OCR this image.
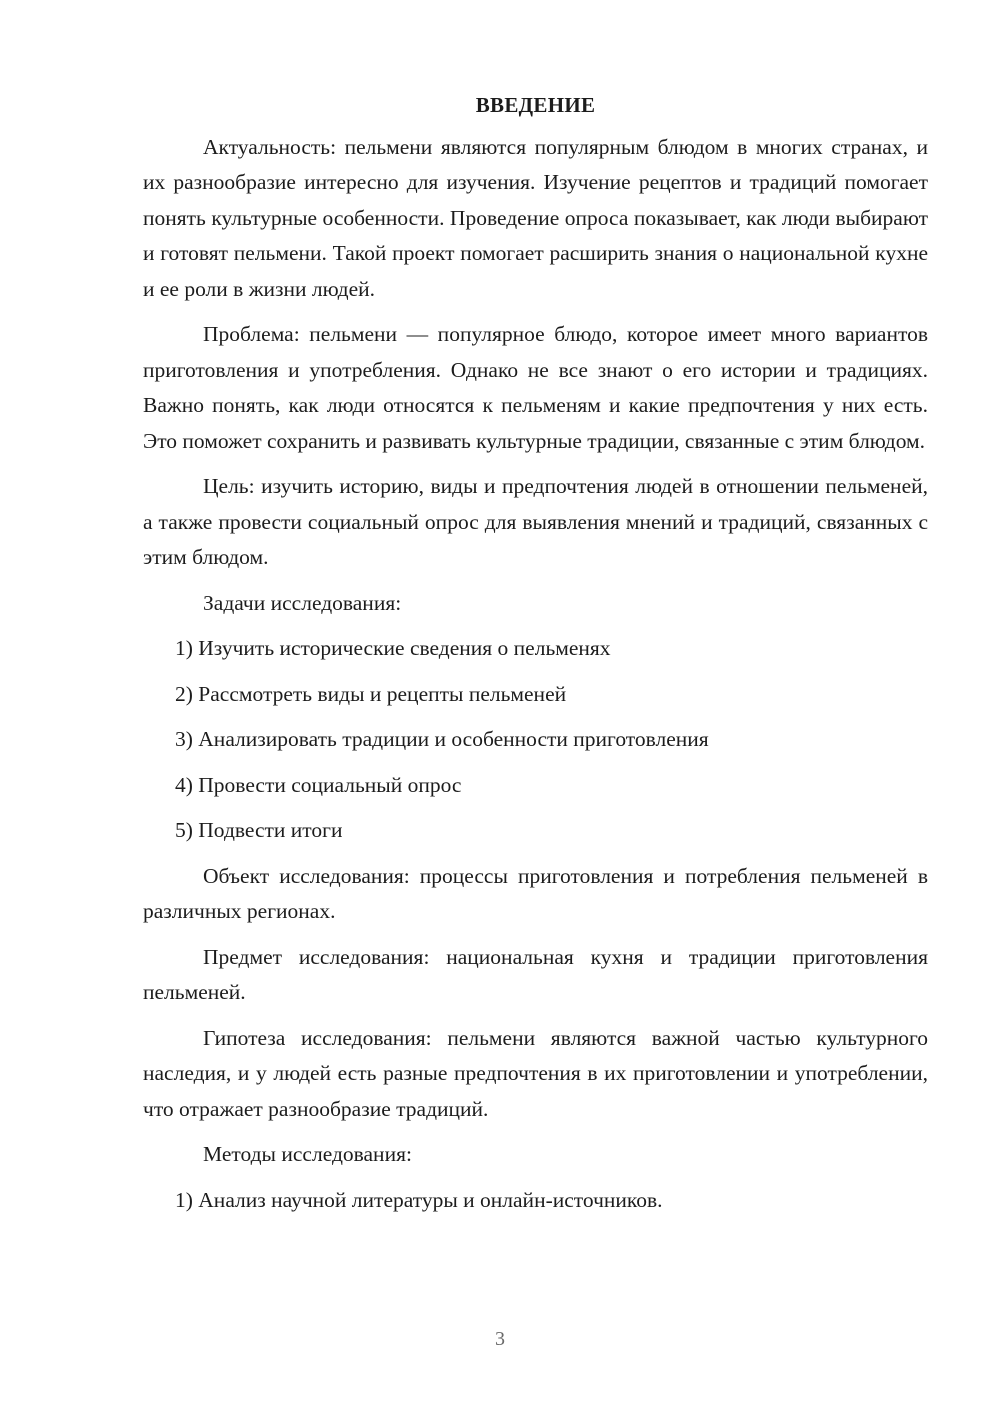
ВВЕДЕНИЕ

Актуальность: пельмени являются популярным блюдом в многих странах, и их разнообразие интересно для изучения. Изучение рецептов и традиций помогает понять культурные особенности. Проведение опроса показывает, как люди выбирают и готовят пельмени. Такой проект помогает расширить знания о национальной кухне и ее роли в жизни людей.

Проблема: пельмени — популярное блюдо, которое имеет много вариантов приготовления и употребления. Однако не все знают о его истории и традициях. Важно понять, как люди относятся к пельменям и какие предпочтения у них есть. Это поможет сохранить и развивать культурные традиции, связанные с этим блюдом.

Цель: изучить историю, виды и предпочтения людей в отношении пельменей, а также провести социальный опрос для выявления мнений и традиций, связанных с этим блюдом.

Задачи исследования:

1) Изучить исторические сведения о пельменях
2) Рассмотреть виды и рецепты пельменей
3) Анализировать традиции и особенности приготовления
4) Провести социальный опрос
5) Подвести итоги

Объект исследования: процессы приготовления и потребления пельменей в различных регионах.

Предмет исследования: национальная кухня и традиции приготовления пельменей.

Гипотеза исследования: пельмени являются важной частью культурного наследия, и у людей есть разные предпочтения в их приготовлении и употреблении, что отражает разнообразие традиций.

Методы исследования:

1) Анализ научной литературы и онлайн-источников.
3
